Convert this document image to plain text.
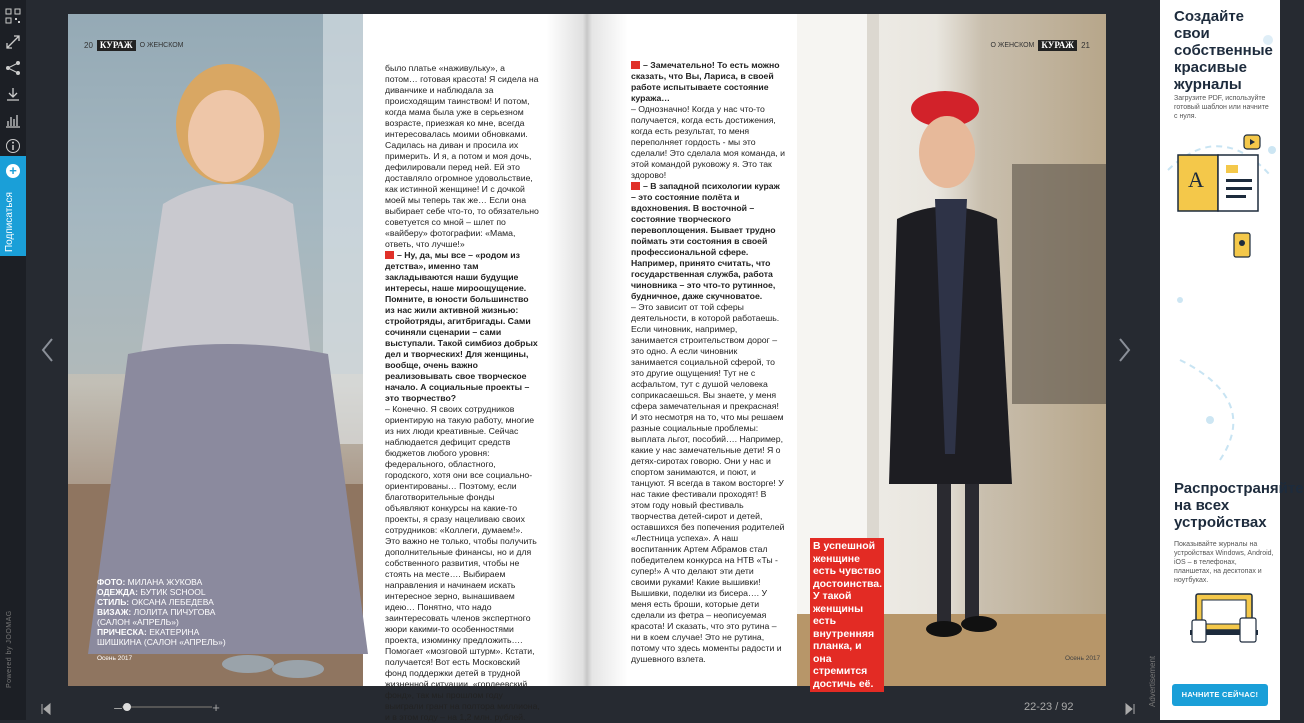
+
Подписаться
Powered by JOOMAG
20 КУРАЖ	О ЖЕНСКОМ
ФОТО: МИЛАНА ЖУКОВА
ОДЕЖДА: БУТИК SCHOOL
СТИЛЬ: ОКСАНА ЛЕБЕДЕВА
ВИЗАЖ: ЛОЛИТА ПИЧУГОВА (САЛОН «АПРЕЛЬ»)
ПРИЧЕСКА: ЕКАТЕРИНА ШИШКИНА (САЛОН «АПРЕЛЬ»)
Осень 2017

было платье «наживульку», а потом… готовая красота! Я сидела на диванчике и наблюдала за происходящим таинством! И потом, когда мама была уже в серьезном возрасте, приезжая ко мне, всегда интересовалась моими обновками. Садилась на диван и просила их примерить. И я, а потом и моя дочь, дефилировали перед ней. Ей это доставляло огромное удовольствие, как истинной женщине! И с дочкой моей мы теперь так же… Если она выбирает себе что-то, то обязательно советуется со мной – шлет по «вайберу» фотографии: «Мама, ответь, что лучше!»

– Ну, да, мы все – «родом из детства», именно там закладываются наши будущие интересы, наше мироощущение. Помните, в юности большинство из нас жили активной жизнью: стройотряды, агитбригады. Сами сочиняли сценарии – сами выступали. Такой симбиоз добрых дел и творческих! Для женщины, вообще, очень важно реализовывать свое творческое начало. А социальные проекты – это творчество?

– Конечно. Я своих сотрудников ориентирую на такую работу, многие из них люди креативные. Сейчас наблюдается дефицит средств бюджетов любого уровня: федерального, областного, городского, хотя они все социально-ориентированы… Поэтому, если благотворительные фонды объявляют конкурсы на какие-то проекты, я сразу нацеливаю своих сотрудников: «Коллеги, думаем!». Это важно не только, чтобы получить дополнительные финансы, но и для собственного развития, чтобы не стоять на месте…. Выбираем направления и начинаем искать интересное зерно, вынашиваем идею… Понятно, что надо заинтересовать членов экспертного жюри какими-то особенностями проекта, изюминку предложить…. Помогает «мозговой штурм». Кстати, получается! Вот есть Московский фонд поддержки детей в трудной жизненной ситуации, «гордеевский фонд», так мы прошлом году выиграли грант на полтора миллиона, и в этом году – на 1,2 млн. рублей.

О ЖЕНСКОМ КУРАЖ 21

– Замечательно! То есть можно сказать, что Вы, Лариса, в своей работе испытываете состояние куража…

– Однозначно! Когда у нас что-то получается, когда есть достижения, когда есть результат, то меня переполняет гордость - мы это сделали! Это сделала моя команда, и этой командой руковожу я. Это так здорово!

– В западной психологии кураж – это состояние полёта и вдохновения. В восточной – состояние творческого перевоплощения. Бывает трудно поймать эти состояния в своей профессиональной сфере. Например, принято считать, что государственная служба, работа чиновника – это что-то рутинное, будничное, даже скучноватое.

– Это зависит от той сферы деятельности, в которой работаешь. Если чиновник, например, занимается строительством дорог – это одно. А если чиновник занимается социальной сферой, то это другие ощущения! Тут не с асфальтом, тут с душой человека соприкасаешься. Вы знаете, у меня сфера замечательная и прекрасная! И это несмотря на то, что мы решаем разные социальные проблемы: выплата льгот, пособий…. Например, какие у нас замечательные дети! Я о детях-сиротах говорю. Они у нас и спортом занимаются, и поют, и танцуют. Я всегда в таком восторге! У нас такие фестивали проходят! В этом году новый фестиваль творчества детей-сирот и детей, оставшихся без попечения родителей «Лестница успеха». А наш воспитанник Артем Абрамов стал победителем конкурса на НТВ «Ты - супер!» А что делают эти дети своими руками! Какие вышивки! Вышивки, поделки из бисера…. У меня есть броши, которые дети сделали из фетра – неописуемая красота! И сказать, что это рутина – ни в коем случае! Это не рутина, потому что здесь моменты радости и душевного взлета.	Осень 2017
В успешной женщине есть чувство достоинства. У такой женщины есть внутренняя планка, и она стремится достичь её.
–	+	22-23 / 92	Advertisement
Создайте свои собственные красивые журналы
Загрузите PDF, используйте готовый шаблон или начните с нуля.
A
Распространяйте на всех устройствах
Показывайте журналы на устройствах Windows, Android, iOS – в телефонах, планшетах, на десктопах и ноутбуках.
НАЧНИТЕ СЕЙЧАС!
